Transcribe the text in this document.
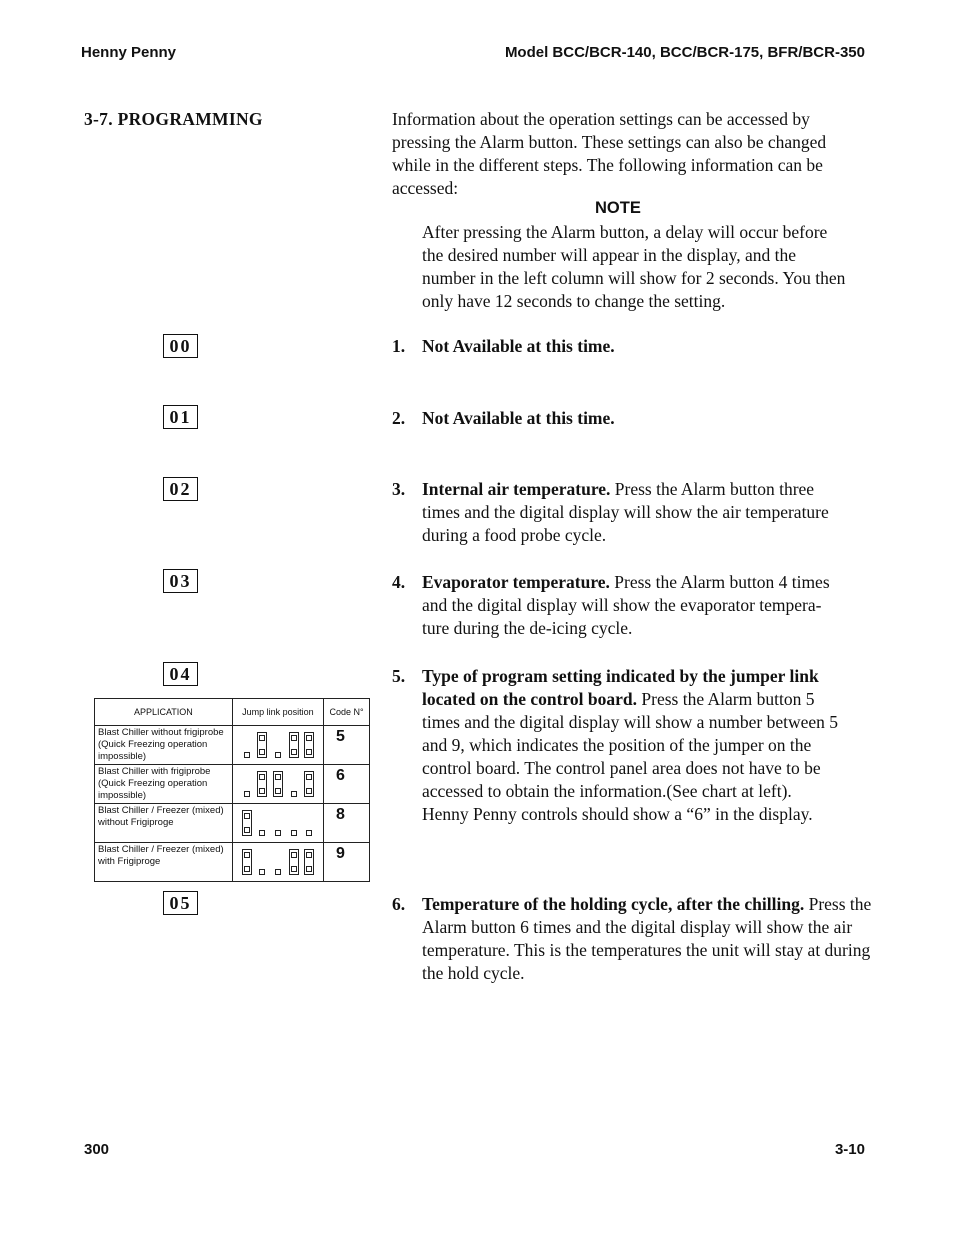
Henny Penny	Model BCC/BCR-140, BCC/BCR-175, BFR/BCR-350
3-7. PROGRAMMING	Information about the operation settings can be accessed by pressing the Alarm button. These settings can also be changed while in the different steps. The following information can be accessed:
NOTE
After pressing the Alarm button, a delay will occur before the desired number will appear in the display, and the number in the left column will show for 2 seconds. You then only have 12 seconds to change the setting.
00
01
02
03
04
05
1. Not Available at this time.
2. Not Available at this time.
3. Internal air temperature. Press the Alarm button three times and the digital display will show the air temperature during a food probe cycle.
4. Evaporator temperature. Press the Alarm button 4 times and the digital display will show the evaporator tempera-ture during the de-icing cycle.
5. Type of program setting indicated by the jumper link located on the control board. Press the Alarm button 5 times and the digital display will show a number between 5 and 9, which indicates the position of the jumper on the control board. The control panel area does not have to be accessed to obtain the information.(See chart at left). Henny Penny controls should show a “6” in the display.
6. Temperature of the holding cycle, after the chilling. Press the Alarm button 6 times and the digital display will show the air temperature. This is the temperatures the unit will stay at during the hold cycle.
APPLICATION	Jump link position	Code N°
Blast Chiller without frigiprobe (Quick Freezing operation impossible)		5
Blast Chiller with frigiprobe (Quick Freezing operation impossible)		6
Blast Chiller / Freezer (mixed) without Frigiproge		8
Blast Chiller / Freezer (mixed) with Frigiproge		9
300	3-10
